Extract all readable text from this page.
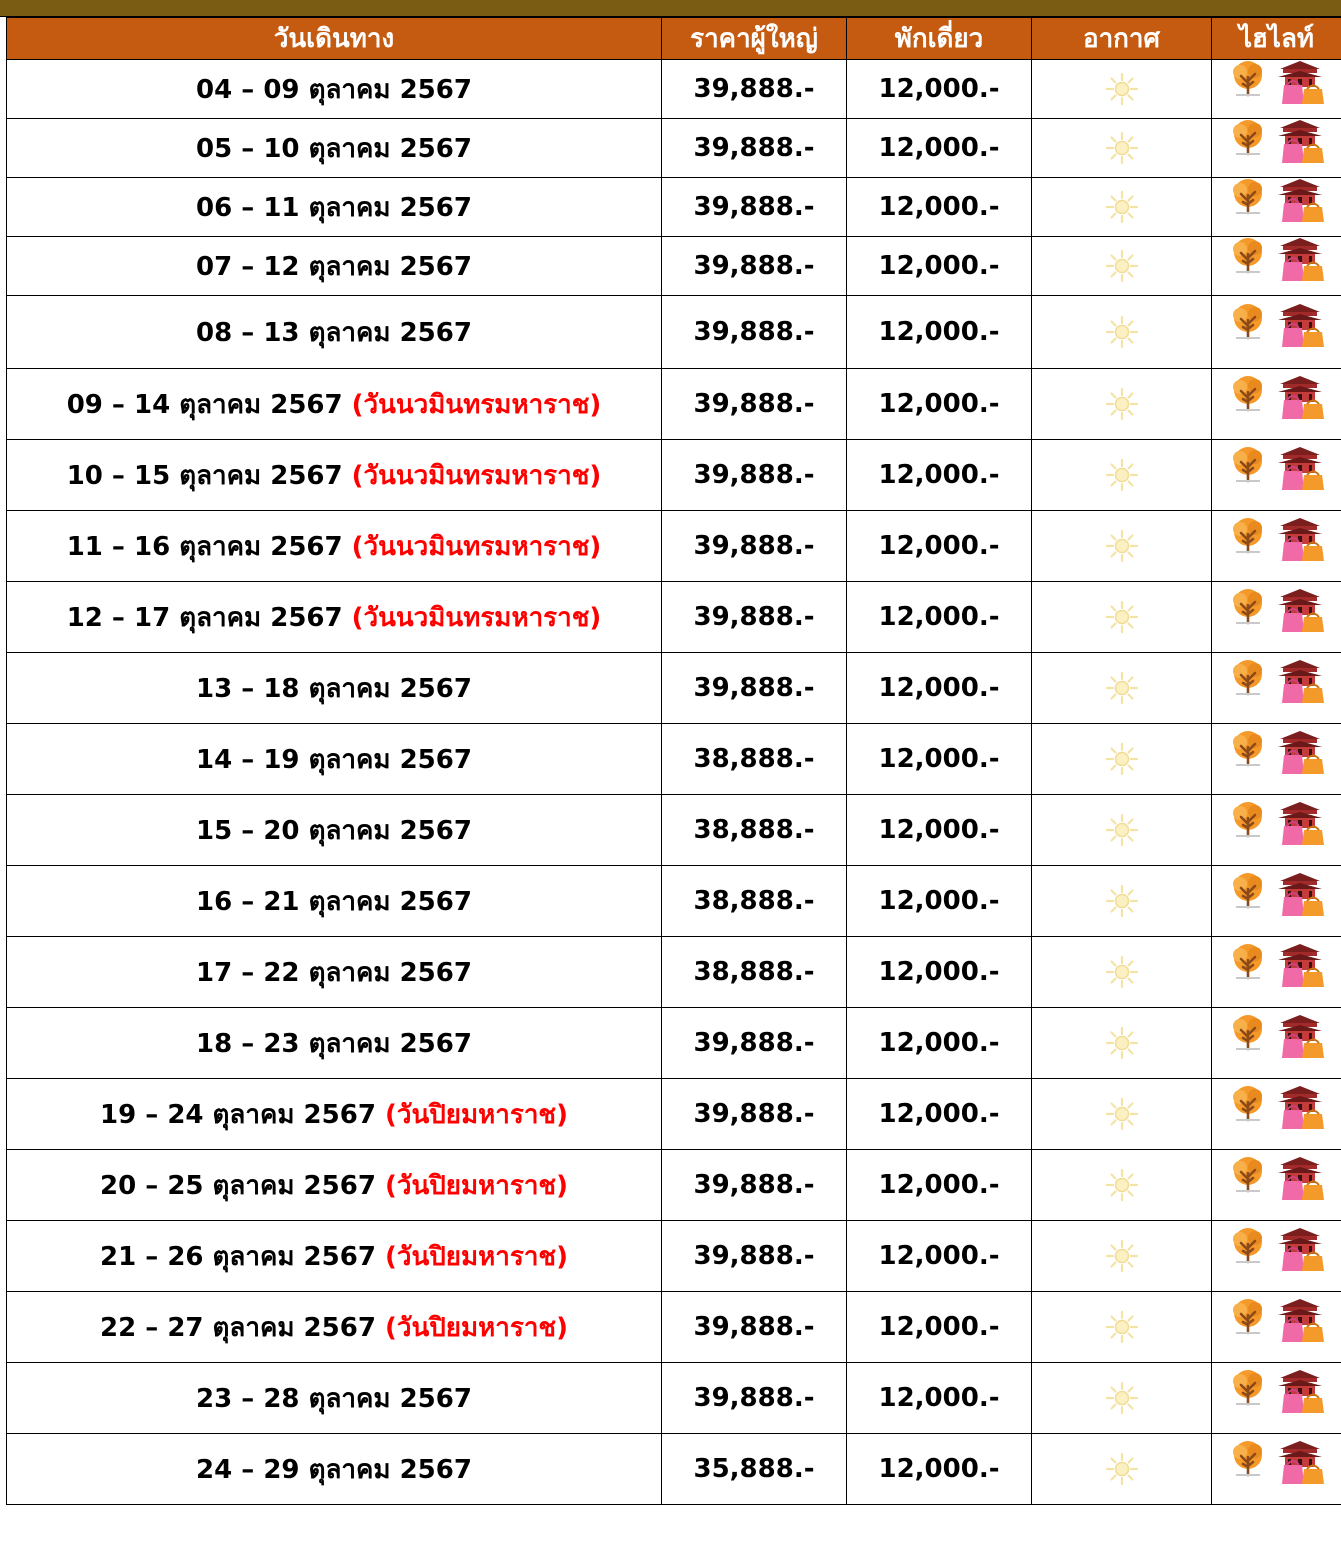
วันเดินทาง	ราคาผู้ใหญ่	พักเดี่ยว	อากาศ	ไฮไลท์
04 – 09 ตุลาคม 2567	39,888.-	12,000.-		

05 – 10 ตุลาคม 2567	39,888.-	12,000.-		

06 – 11 ตุลาคม 2567	39,888.-	12,000.-		

07 – 12 ตุลาคม 2567	39,888.-	12,000.-		

08 – 13 ตุลาคม 2567	39,888.-	12,000.-		

09 – 14 ตุลาคม 2567 (วันนวมินทรมหาราช)	39,888.-	12,000.-		

10 – 15 ตุลาคม 2567 (วันนวมินทรมหาราช)	39,888.-	12,000.-		

11 – 16 ตุลาคม 2567 (วันนวมินทรมหาราช)	39,888.-	12,000.-		

12 – 17 ตุลาคม 2567 (วันนวมินทรมหาราช)	39,888.-	12,000.-		

13 – 18 ตุลาคม 2567	39,888.-	12,000.-		

14 – 19 ตุลาคม 2567	38,888.-	12,000.-		

15 – 20 ตุลาคม 2567	38,888.-	12,000.-		

16 – 21 ตุลาคม 2567	38,888.-	12,000.-		

17 – 22 ตุลาคม 2567	38,888.-	12,000.-		

18 – 23 ตุลาคม 2567	39,888.-	12,000.-		

19 – 24 ตุลาคม 2567 (วันปิยมหาราช)	39,888.-	12,000.-		

20 – 25 ตุลาคม 2567 (วันปิยมหาราช)	39,888.-	12,000.-		

21 – 26 ตุลาคม 2567 (วันปิยมหาราช)	39,888.-	12,000.-		

22 – 27 ตุลาคม 2567 (วันปิยมหาราช)	39,888.-	12,000.-		

23 – 28 ตุลาคม 2567	39,888.-	12,000.-		

24 – 29 ตุลาคม 2567	35,888.-	12,000.-		
